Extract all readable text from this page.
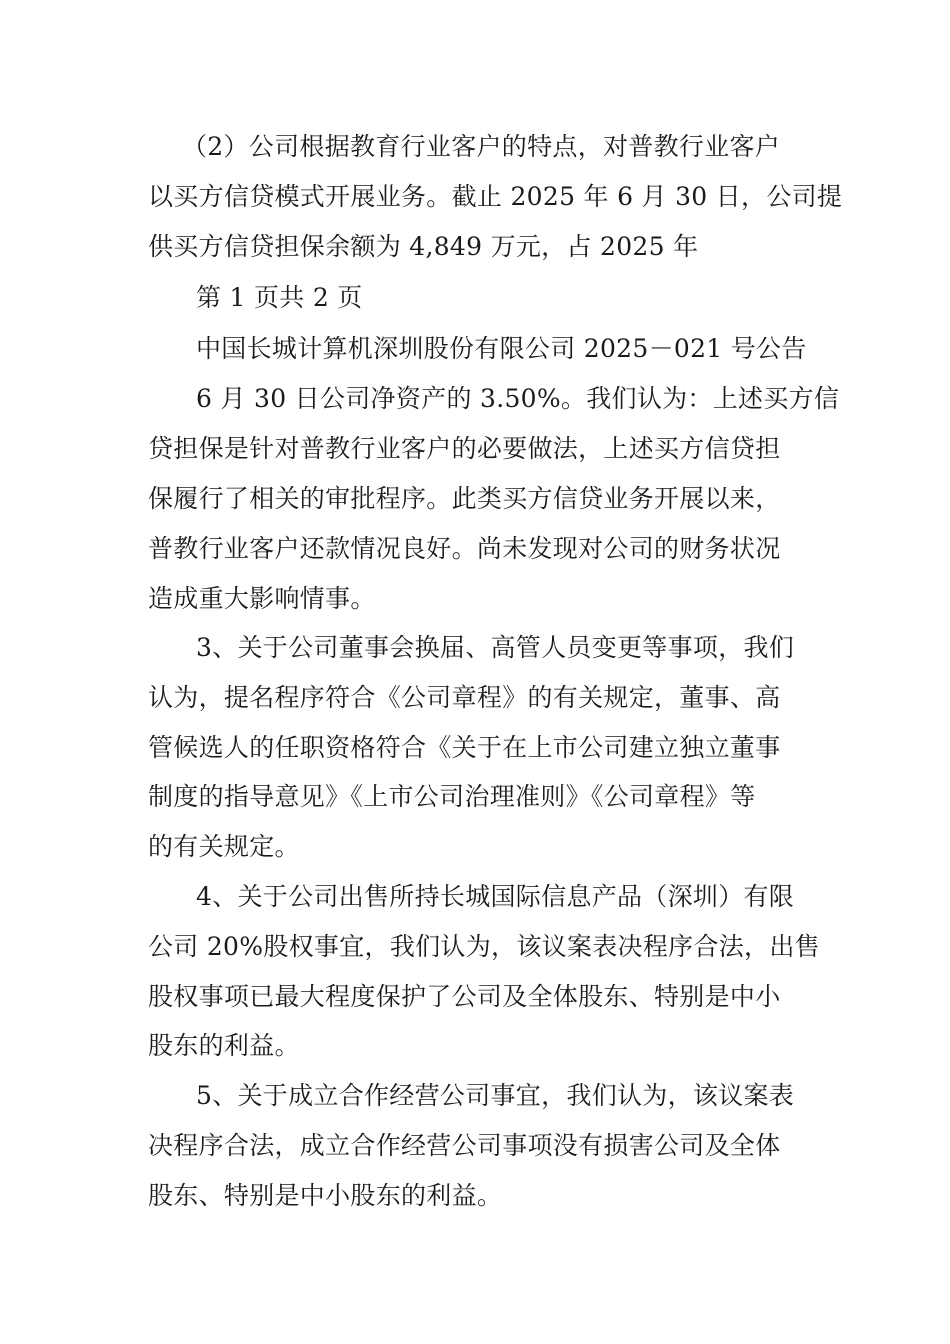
（2）公司根据教育行业客户的特点，对普教行业客户
以买方信贷模式开展业务。截止 2025 年 6 月 30 日，公司提
供买方信贷担保余额为 4,849 万元，占 2025 年
第 1 页共 2 页
中国长城计算机深圳股份有限公司 2025－021 号公告
6 月 30 日公司净资产的 3.50%。我们认为：上述买方信
贷担保是针对普教行业客户的必要做法，上述买方信贷担
保履行了相关的审批程序。此类买方信贷业务开展以来，
普教行业客户还款情况良好。尚未发现对公司的财务状况
造成重大影响情事。
3、关于公司董事会换届、高管人员变更等事项，我们
认为，提名程序符合《公司章程》的有关规定，董事、高
管候选人的任职资格符合《关于在上市公司建立独立董事
制度的指导意见》《上市公司治理准则》《公司章程》等
的有关规定。
4、关于公司出售所持长城国际信息产品（深圳）有限
公司 20%股权事宜，我们认为，该议案表决程序合法，出售
股权事项已最大程度保护了公司及全体股东、特别是中小
股东的利益。
5、关于成立合作经营公司事宜，我们认为，该议案表
决程序合法，成立合作经营公司事项没有损害公司及全体
股东、特别是中小股东的利益。
